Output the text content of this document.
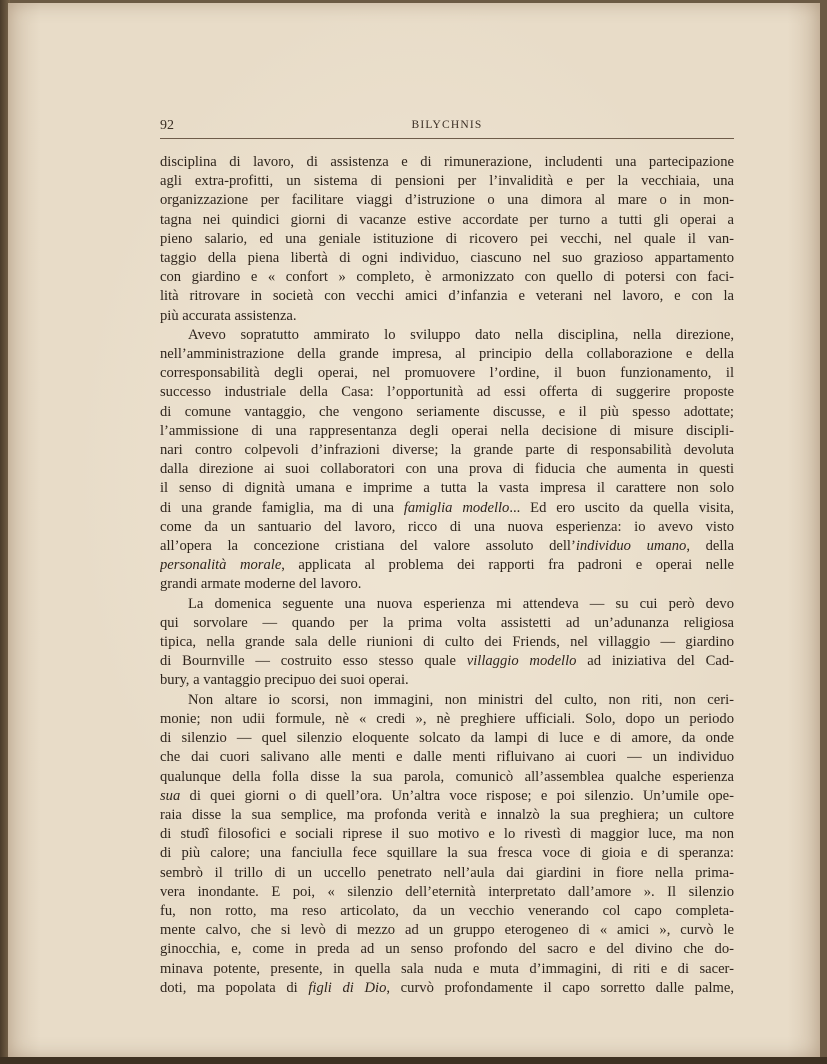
92	BILYCHNIS
disciplina di lavoro, di assistenza e di rimunerazione, includenti una partecipazione
agli extra-profitti, un sistema di pensioni per l’invalidità e per la vecchiaia, una
organizzazione per facilitare viaggi d’istruzione o una dimora al mare o in mon-
tagna nei quindici giorni di vacanze estive accordate per turno a tutti gli operai a
pieno salario, ed una geniale istituzione di ricovero pei vecchi, nel quale il van-
taggio della piena libertà di ogni individuo, ciascuno nel suo grazioso appartamento
con giardino e « confort » completo, è armonizzato con quello di potersi con faci-
lità ritrovare in società con vecchi amici d’infanzia e veterani nel lavoro, e con la
più accurata assistenza.
Avevo sopratutto ammirato lo sviluppo dato nella disciplina, nella direzione,
nell’amministrazione della grande impresa, al principio della collaborazione e della
corresponsabilità degli operai, nel promuovere l’ordine, il buon funzionamento, il
successo industriale della Casa: l’opportunità ad essi offerta di suggerire proposte
di comune vantaggio, che vengono seriamente discusse, e il più spesso adottate;
l’ammissione di una rappresentanza degli operai nella decisione di misure discipli-
nari contro colpevoli d’infrazioni diverse; la grande parte di responsabilità devoluta
dalla direzione ai suoi collaboratori con una prova di fiducia che aumenta in questi
il senso di dignità umana e imprime a tutta la vasta impresa il carattere non solo
di una grande famiglia, ma di una famiglia modello... Ed ero uscito da quella visita,
come da un santuario del lavoro, ricco di una nuova esperienza: io avevo visto
all’opera la concezione cristiana del valore assoluto dell’individuo umano, della
personalità morale, applicata al problema dei rapporti fra padroni e operai nelle
grandi armate moderne del lavoro.
La domenica seguente una nuova esperienza mi attendeva — su cui però devo
qui sorvolare — quando per la prima volta assistetti ad un’adunanza religiosa
tipica, nella grande sala delle riunioni di culto dei Friends, nel villaggio — giardino
di Bournville — costruito esso stesso quale villaggio modello ad iniziativa del Cad-
bury, a vantaggio precipuo dei suoi operai.
Non altare io scorsi, non immagini, non ministri del culto, non riti, non ceri-
monie; non udii formule, nè « credi », nè preghiere ufficiali. Solo, dopo un periodo
di silenzio — quel silenzio eloquente solcato da lampi di luce e di amore, da onde
che dai cuori salivano alle menti e dalle menti rifluivano ai cuori — un individuo
qualunque della folla disse la sua parola, comunicò all’assemblea qualche esperienza
sua di quei giorni o di quell’ora. Un’altra voce rispose; e poi silenzio. Un’umile ope-
raia disse la sua semplice, ma profonda verità e innalzò la sua preghiera; un cultore
di studî filosofici e sociali riprese il suo motivo e lo rivestì di maggior luce, ma non
di più calore; una fanciulla fece squillare la sua fresca voce di gioia e di speranza:
sembrò il trillo di un uccello penetrato nell’aula dai giardini in fiore nella prima-
vera inondante. E poi, « silenzio dell’eternità interpretato dall’amore ». Il silenzio
fu, non rotto, ma reso articolato, da un vecchio venerando col capo completa-
mente calvo, che si levò di mezzo ad un gruppo eterogeneo di « amici », curvò le
ginocchia, e, come in preda ad un senso profondo del sacro e del divino che do-
minava potente, presente, in quella sala nuda e muta d’immagini, di riti e di sacer-
doti, ma popolata di figli di Dio, curvò profondamente il capo sorretto dalle palme,
